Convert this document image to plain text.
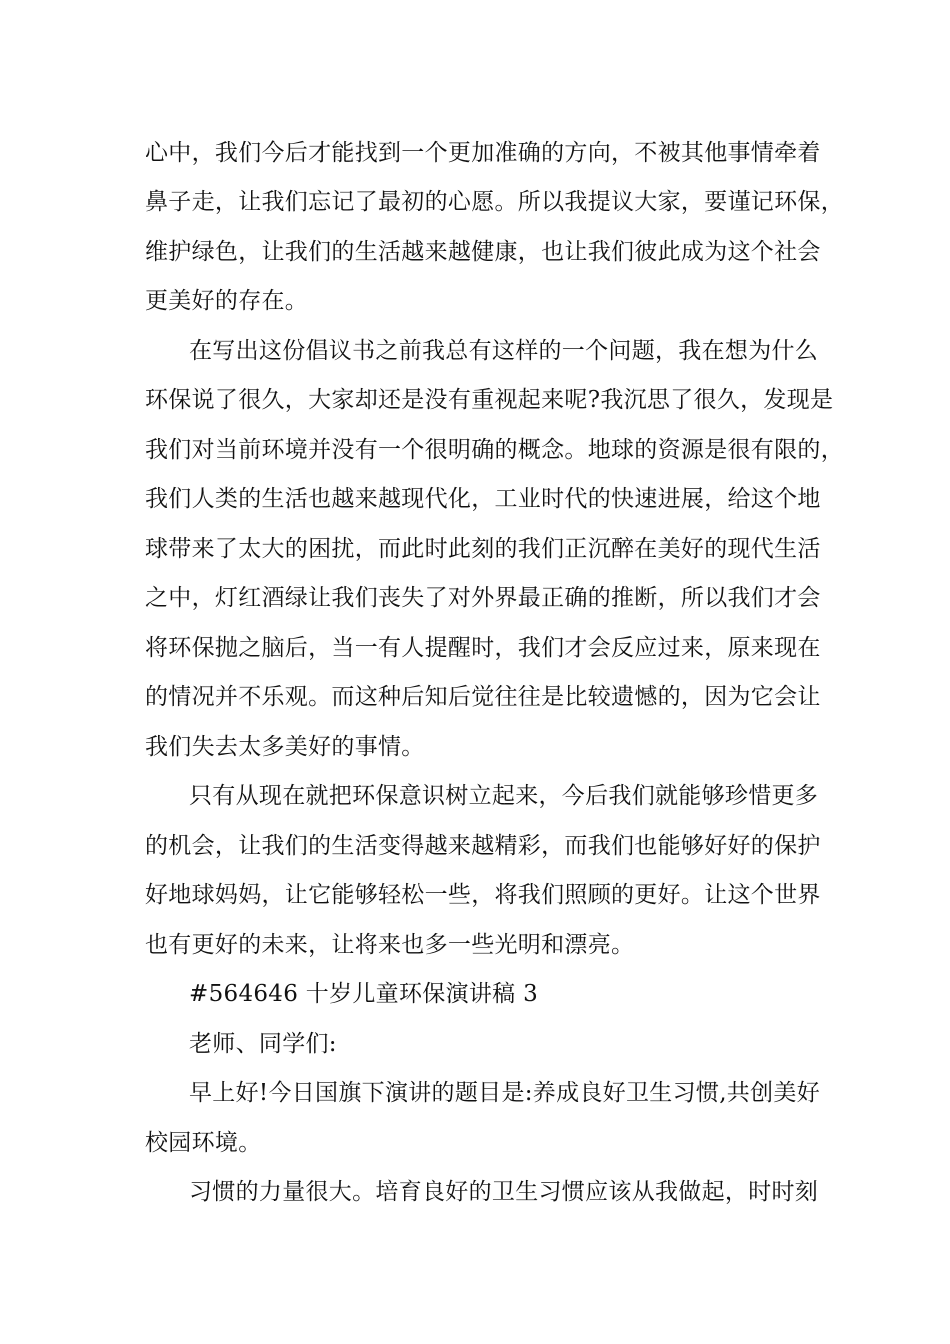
心中，我们今后才能找到一个更加准确的方向，不被其他事情牵着
鼻子走，让我们忘记了最初的心愿。所以我提议大家，要谨记环保，
维护绿色，让我们的生活越来越健康，也让我们彼此成为这个社会
更美好的存在。
在写出这份倡议书之前我总有这样的一个问题，我在想为什么
环保说了很久，大家却还是没有重视起来呢?我沉思了很久，发现是
我们对当前环境并没有一个很明确的概念。地球的资源是很有限的，
我们人类的生活也越来越现代化，工业时代的快速进展，给这个地
球带来了太大的困扰，而此时此刻的我们正沉醉在美好的现代生活
之中，灯红酒绿让我们丧失了对外界最正确的推断，所以我们才会
将环保抛之脑后，当一有人提醒时，我们才会反应过来，原来现在
的情况并不乐观。而这种后知后觉往往是比较遗憾的，因为它会让
我们失去太多美好的事情。
只有从现在就把环保意识树立起来，今后我们就能够珍惜更多
的机会，让我们的生活变得越来越精彩，而我们也能够好好的保护
好地球妈妈，让它能够轻松一些，将我们照顾的更好。让这个世界
也有更好的未来，让将来也多一些光明和漂亮。
#564646 十岁儿童环保演讲稿 3
老师、同学们:
早上好!今日国旗下演讲的题目是:养成良好卫生习惯,共创美好
校园环境。
习惯的力量很大。培育良好的卫生习惯应该从我做起，时时刻
